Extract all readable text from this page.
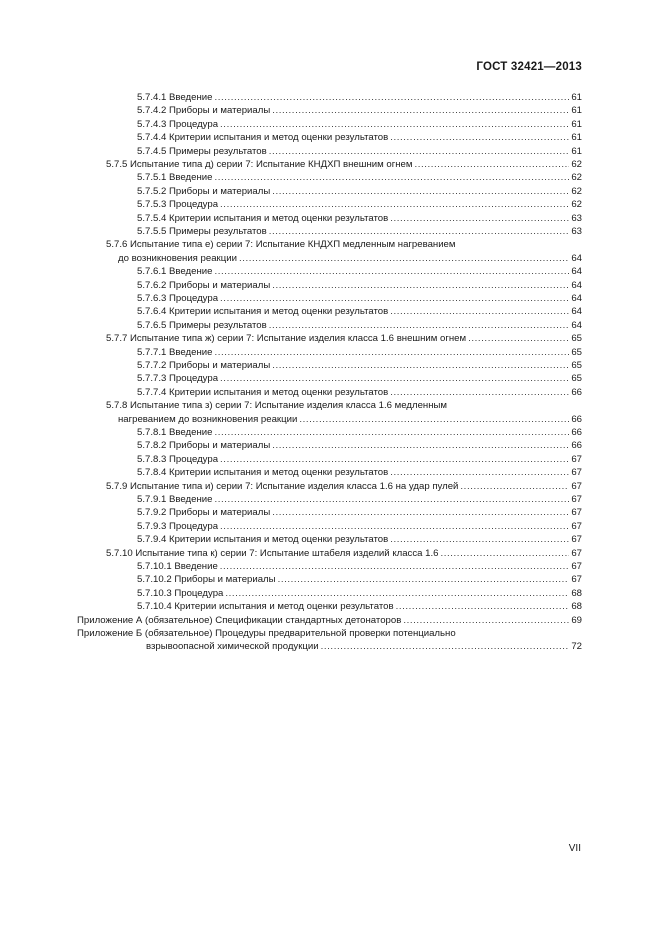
ГОСТ 32421—2013
5.7.4.1 Введение .....	61
5.7.4.2 Приборы и материалы .....	61
5.7.4.3 Процедура .....	61
5.7.4.4 Критерии испытания и метод оценки результатов .....	61
5.7.4.5 Примеры результатов .....	61
5.7.5 Испытание типа д) серии 7: Испытание КНДХП внешним огнем .....	62
5.7.5.1 Введение .....	62
5.7.5.2 Приборы и материалы .....	62
5.7.5.3 Процедура .....	62
5.7.5.4 Критерии испытания и метод оценки результатов .....	63
5.7.5.5 Примеры результатов .....	63
5.7.6 Испытание типа е) серии 7: Испытание КНДХП медленным нагреванием
до возникновения реакции .....	64
5.7.6.1 Введение .....	64
5.7.6.2 Приборы и материалы .....	64
5.7.6.3 Процедура .....	64
5.7.6.4 Критерии испытания и метод оценки результатов .....	64
5.7.6.5 Примеры результатов .....	64
5.7.7 Испытание типа ж) серии 7: Испытание изделия класса 1.6 внешним огнем .....	65
5.7.7.1 Введение .....	65
5.7.7.2 Приборы и материалы .....	65
5.7.7.3 Процедура .....	65
5.7.7.4 Критерии испытания и метод оценки результатов .....	66
5.7.8 Испытание типа з) серии 7: Испытание изделия класса 1.6 медленным
нагреванием до возникновения реакции .....	66
5.7.8.1 Введение .....	66
5.7.8.2 Приборы и материалы .....	66
5.7.8.3 Процедура .....	67
5.7.8.4 Критерии испытания и метод оценки результатов .....	67
5.7.9 Испытание типа и) серии 7: Испытание изделия класса 1.6 на удар пулей .....	67
5.7.9.1 Введение .....	67
5.7.9.2 Приборы и материалы .....	67
5.7.9.3 Процедура .....	67
5.7.9.4 Критерии испытания и метод оценки результатов .....	67
5.7.10 Испытание типа к) серии 7: Испытание штабеля изделий класса 1.6 .....	67
5.7.10.1 Введение .....	67
5.7.10.2 Приборы и материалы .....	67
5.7.10.3 Процедура .....	68
5.7.10.4 Критерии испытания и метод оценки результатов .....	68
Приложение А (обязательное) Спецификации стандартных детонаторов .....	69
Приложение Б (обязательное) Процедуры предварительной проверки потенциально
взрывоопасной химической продукции .....	72
VII
